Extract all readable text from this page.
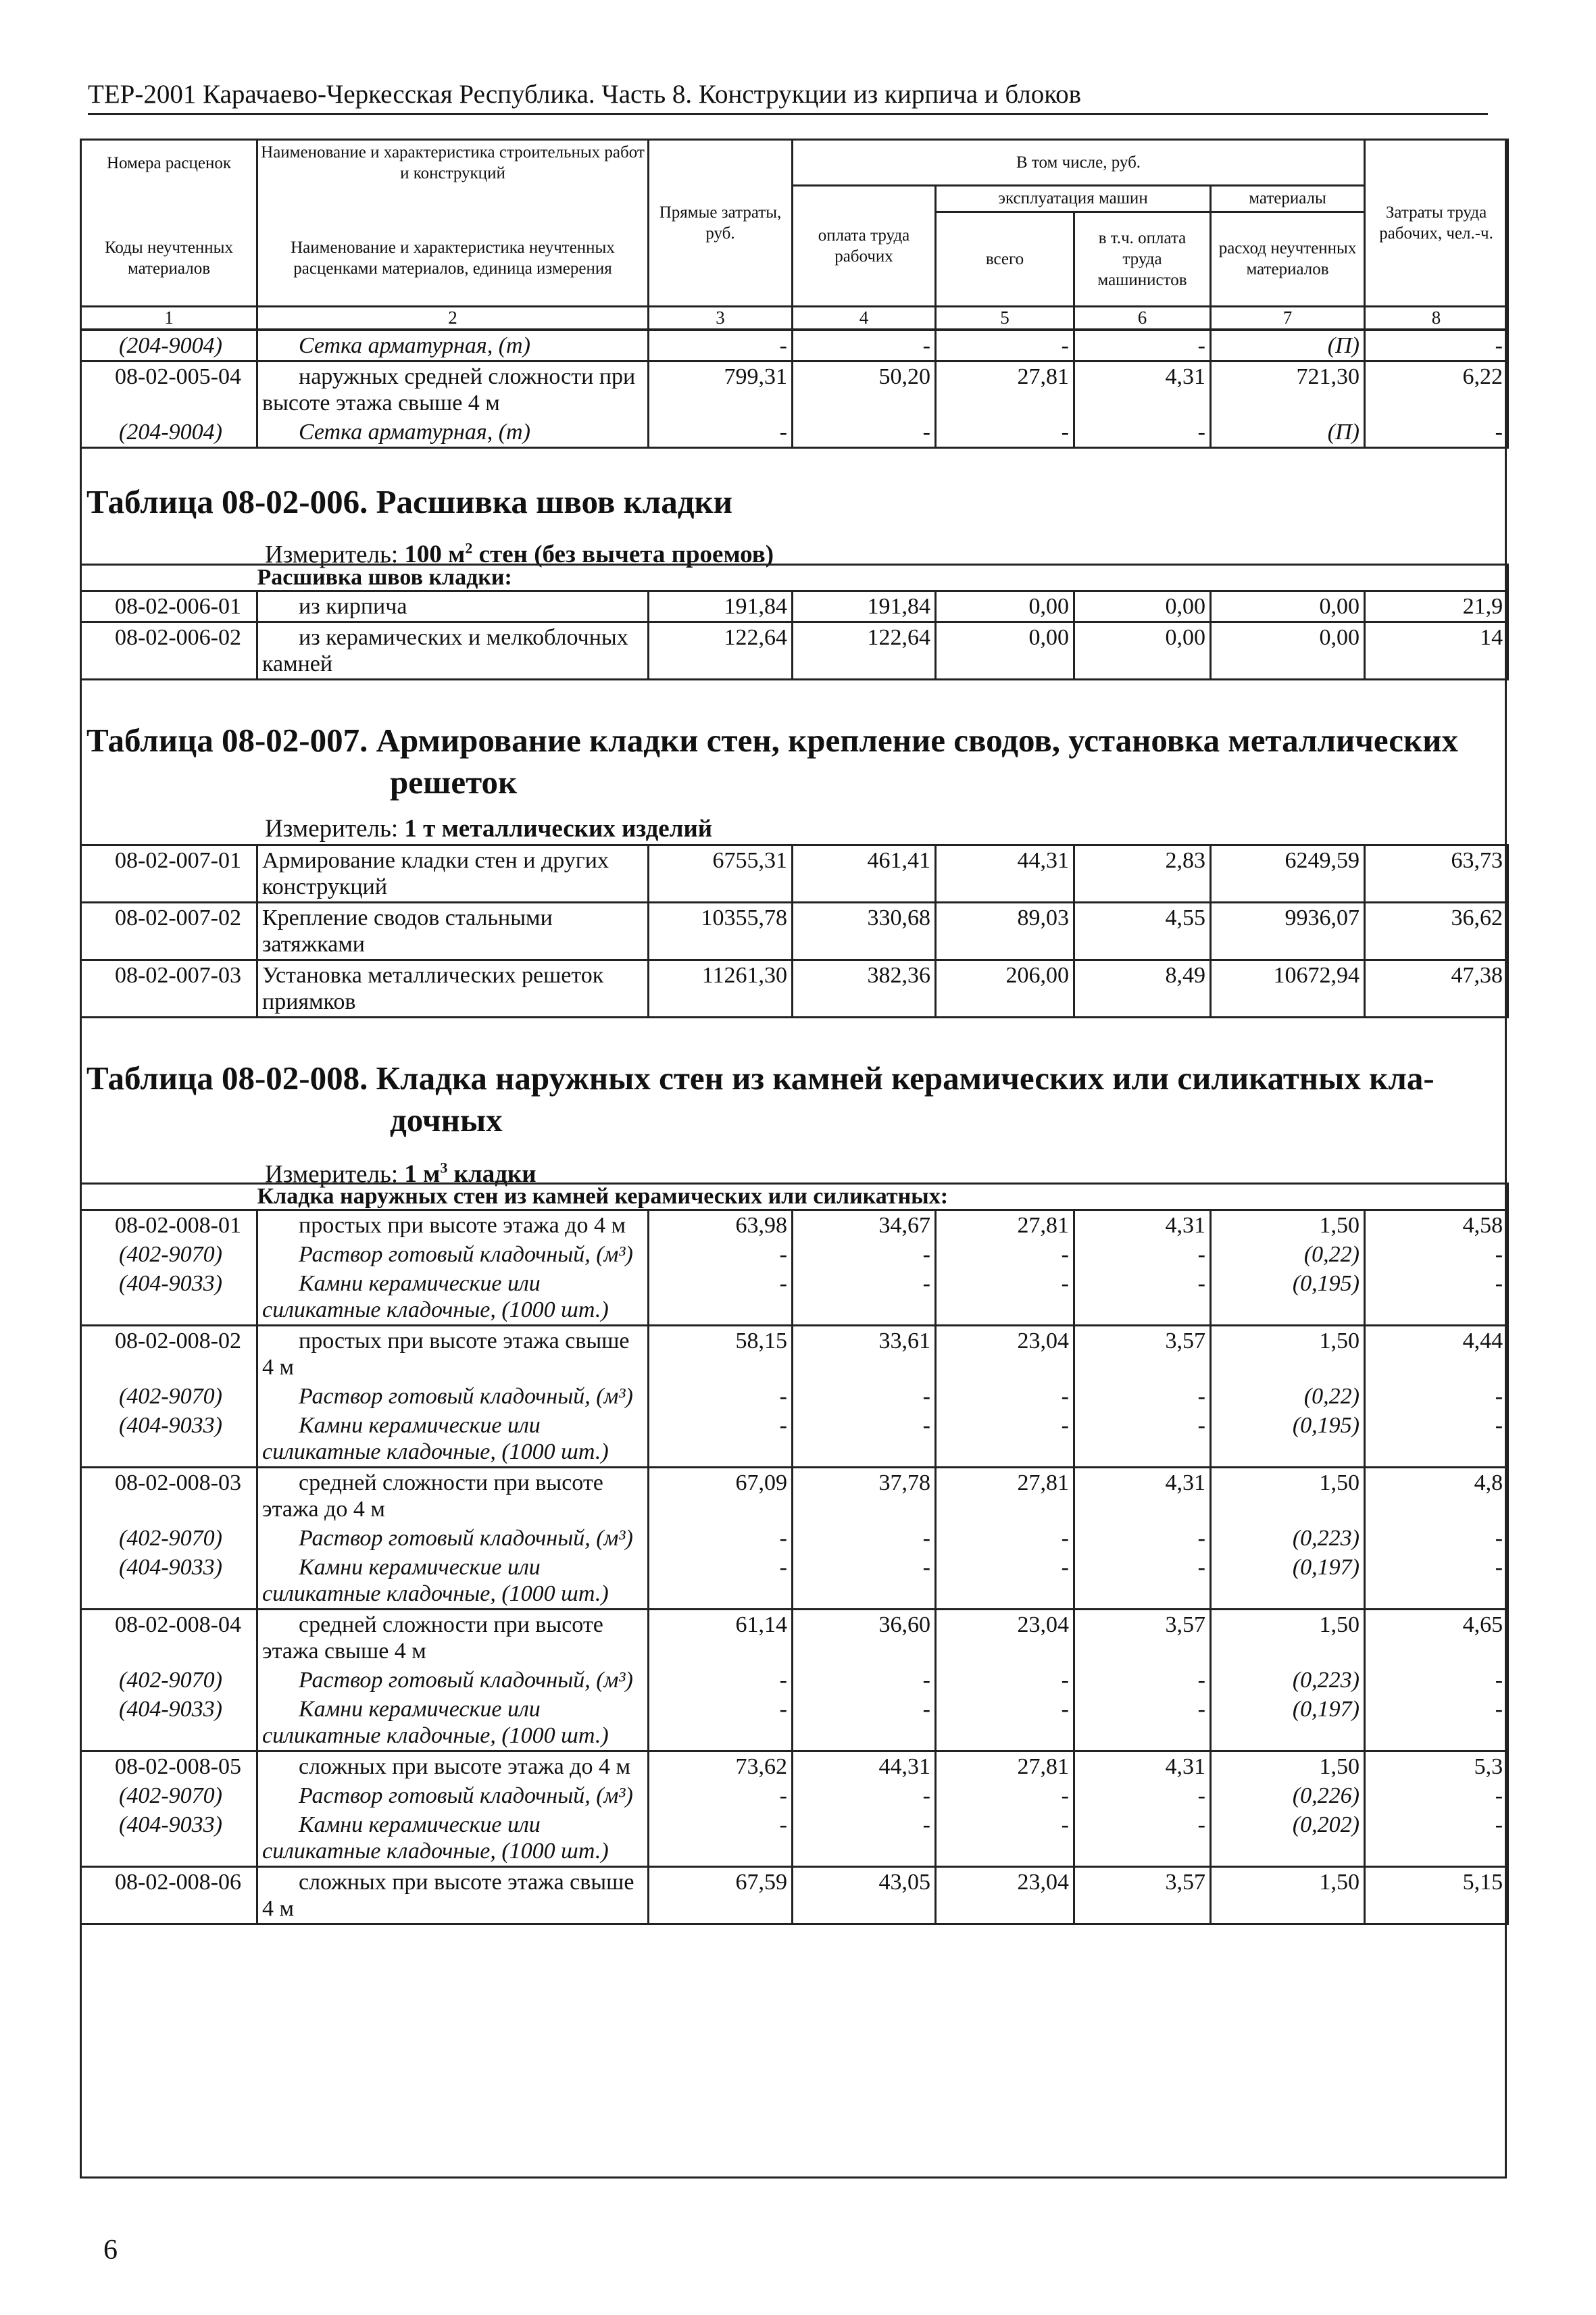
ТЕР-2001 Карачаево-Черкесская Республика. Часть 8. Конструкции из кирпича и блоков
Номера расценок	Наименование и характеристика строительных работ и конструкций	Прямые затраты, руб.	В том числе, руб.				Затраты труда рабочих, чел.-ч.
			оплата труда рабочих	эксплуатация машин		материалы	
Коды неучтенных материалов	Наименование и характеристика неучтенных расценками материалов, единица измерения			всего	в т.ч. оплата труда машинистов	расход неучтенных материалов	
1	2	3	4	5	6	7	8
(204-9004)	Сетка арматурная, (т)	-	-	-	-	(П)	-
08-02-005-04	наружных средней сложности при высоте этажа свыше 4 м	799,31	50,20	27,81	4,31	721,30	6,22
(204-9004)	Сетка арматурная, (т)	-	-	-	-	(П)	-
Таблица 08-02-006. Расшивка швов кладки
Измеритель: 100 $м^2$ стен (без вычета проемов)
	Расшивка швов кладки:						
08-02-006-01	из кирпича	191,84	191,84	0,00	0,00	0,00	21,9
08-02-006-02	из керамических и мелкоблочных камней	122,64	122,64	0,00	0,00	0,00	14
Таблица 08-02-007. Армирование кладки стен, крепление сводов, установка металлических
решеток
Измеритель: 1 т металлических изделий
08-02-007-01	Армирование кладки стен и других конструкций	6755,31	461,41	44,31	2,83	6249,59	63,73
08-02-007-02	Крепление сводов стальными затяжками	10355,78	330,68	89,03	4,55	9936,07	36,62
08-02-007-03	Установка металлических решеток приямков	11261,30	382,36	206,00	8,49	10672,94	47,38
Таблица 08-02-008. Кладка наружных стен из камней керамических или силикатных кла-
дочных
Измеритель: 1 $м^3$ кладки
	Кладка наружных стен из камней керамических или силикатных:						
08-02-008-01	простых при высоте этажа до 4 м	63,98	34,67	27,81	4,31	1,50	4,58
(402-9070)	Раствор готовый кладочный, (м³)	-	-	-	-	(0,22)	-
(404-9033)	Камни керамические или силикатные кладочные, (1000 шт.)	-	-	-	-	(0,195)	-
08-02-008-02	простых при высоте этажа свыше 4 м	58,15	33,61	23,04	3,57	1,50	4,44
(402-9070)	Раствор готовый кладочный, (м³)	-	-	-	-	(0,22)	-
(404-9033)	Камни керамические или силикатные кладочные, (1000 шт.)	-	-	-	-	(0,195)	-
08-02-008-03	средней сложности при высоте этажа до 4 м	67,09	37,78	27,81	4,31	1,50	4,8
(402-9070)	Раствор готовый кладочный, (м³)	-	-	-	-	(0,223)	-
(404-9033)	Камни керамические или силикатные кладочные, (1000 шт.)	-	-	-	-	(0,197)	-
08-02-008-04	средней сложности при высоте этажа свыше 4 м	61,14	36,60	23,04	3,57	1,50	4,65
(402-9070)	Раствор готовый кладочный, (м³)	-	-	-	-	(0,223)	-
(404-9033)	Камни керамические или силикатные кладочные, (1000 шт.)	-	-	-	-	(0,197)	-
08-02-008-05	сложных при высоте этажа до 4 м	73,62	44,31	27,81	4,31	1,50	5,3
(402-9070)	Раствор готовый кладочный, (м³)	-	-	-	-	(0,226)	-
(404-9033)	Камни керамические или силикатные кладочные, (1000 шт.)	-	-	-	-	(0,202)	-
08-02-008-06	сложных при высоте этажа свыше 4 м	67,59	43,05	23,04	3,57	1,50	5,15
6
